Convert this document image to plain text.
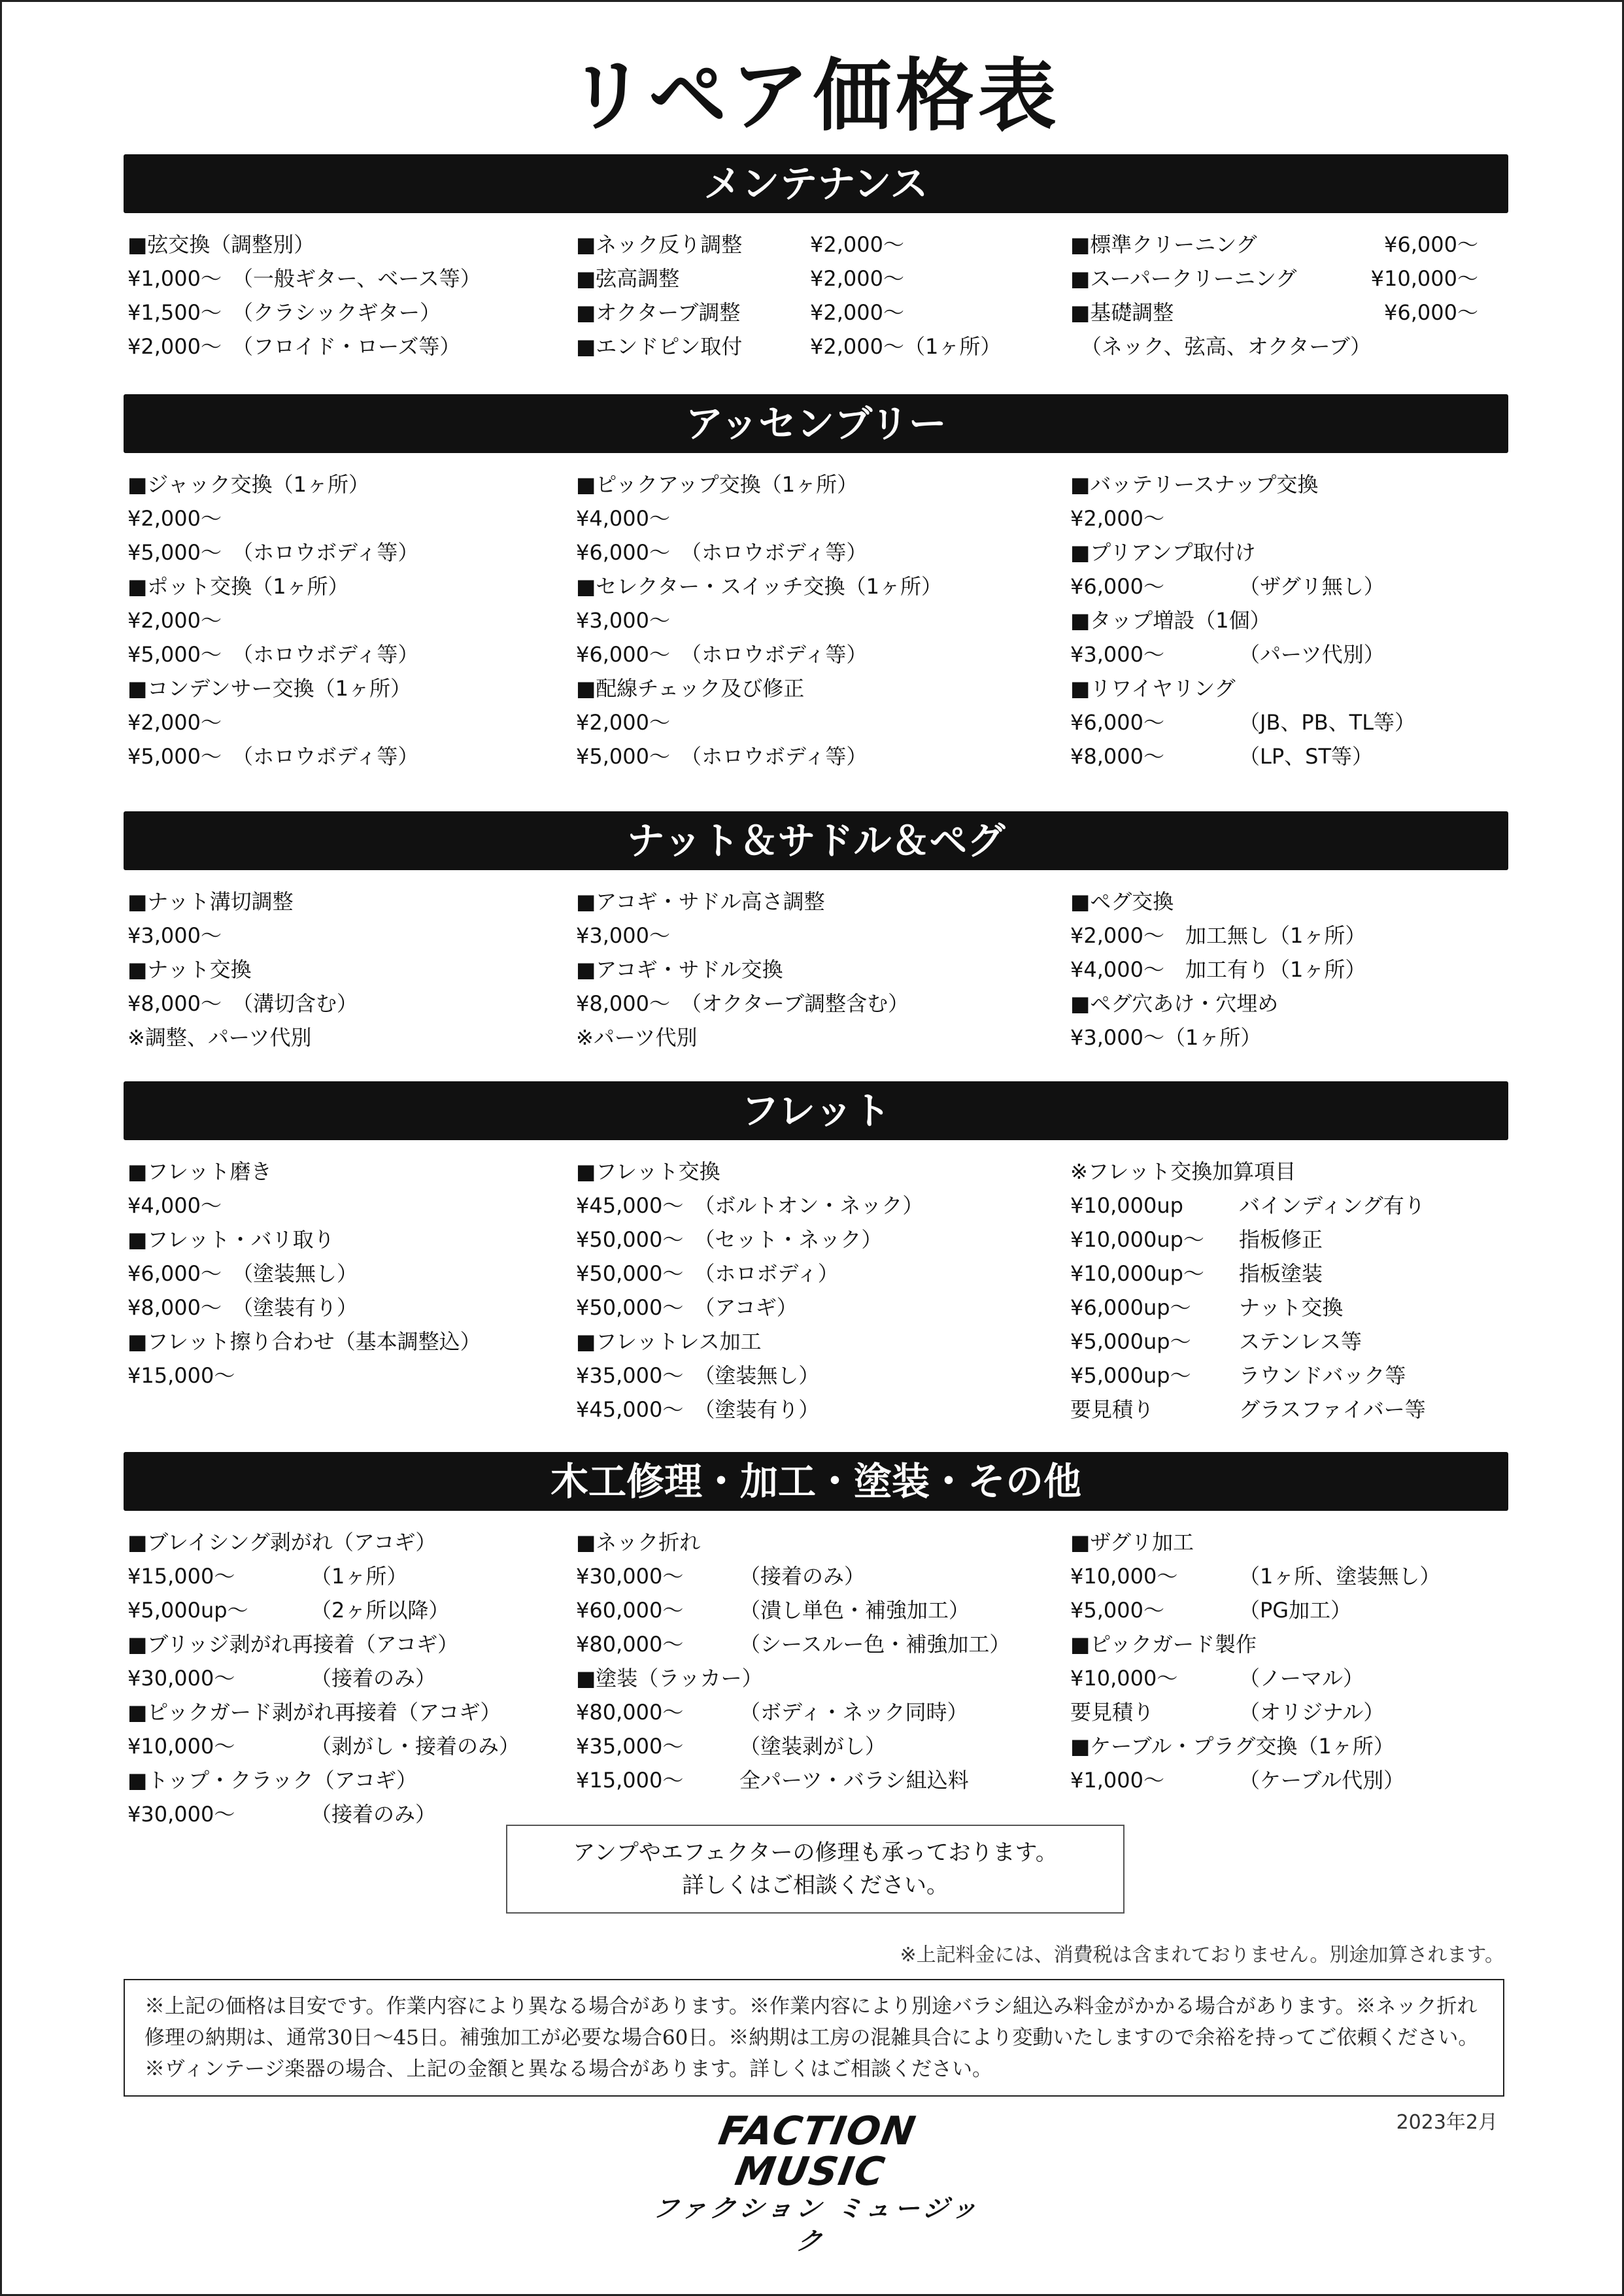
リペア価格表
メンテナンス
■弦交換（調整別）
¥1,000〜　（一般ギター、ベース等）
¥1,500〜　（クラシックギター）
¥2,000〜　（フロイド・ローズ等）
■ネック反り調整	¥2,000〜
■弦高調整	¥2,000〜
■オクターブ調整	¥2,000〜
■エンドピン取付	¥2,000〜（1ヶ所）
■標準クリーニング	¥6,000〜
■スーパークリーニング	¥10,000〜
■基礎調整	¥6,000〜
　（ネック、弦高、オクターブ）
アッセンブリー
■ジャック交換（1ヶ所）
¥2,000〜
¥5,000〜　（ホロウボディ等）
■ポット交換（1ヶ所）
¥2,000〜
¥5,000〜　（ホロウボディ等）
■コンデンサー交換（1ヶ所）
¥2,000〜
¥5,000〜　（ホロウボディ等）
■ピックアップ交換（1ヶ所）
¥4,000〜
¥6,000〜　（ホロウボディ等）
■セレクター・スイッチ交換（1ヶ所）
¥3,000〜
¥6,000〜　（ホロウボディ等）
■配線チェック及び修正
¥2,000〜
¥5,000〜　（ホロウボディ等）
■バッテリースナップ交換
¥2,000〜
■プリアンプ取付け
¥6,000〜	（ザグリ無し）
■タップ増設（1個）
¥3,000〜	（パーツ代別）
■リワイヤリング
¥6,000〜	（JB、PB、TL等）
¥8,000〜	（LP、ST等）
ナット＆サドル＆ペグ
■ナット溝切調整
¥3,000〜
■ナット交換
¥8,000〜　（溝切含む）
※調整、パーツ代別
■アコギ・サドル高さ調整
¥3,000〜
■アコギ・サドル交換
¥8,000〜　（オクターブ調整含む）
※パーツ代別
■ペグ交換
¥2,000〜　加工無し（1ヶ所）
¥4,000〜　加工有り（1ヶ所）
■ペグ穴あけ・穴埋め
¥3,000〜（1ヶ所）
フレット
■フレット磨き
¥4,000〜
■フレット・バリ取り
¥6,000〜　（塗装無し）
¥8,000〜　（塗装有り）
■フレット擦り合わせ（基本調整込）
¥15,000〜
■フレット交換
¥45,000〜　（ボルトオン・ネック）
¥50,000〜　（セット・ネック）
¥50,000〜　（ホロボディ）
¥50,000〜　（アコギ）
■フレットレス加工
¥35,000〜　（塗装無し）
¥45,000〜　（塗装有り）
※フレット交換加算項目
¥10,000up	バインディング有り
¥10,000up〜 指板修正
¥10,000up〜 指板塗装
¥6,000up〜 ナット交換
¥5,000up〜 ステンレス等
¥5,000up〜 ラウンドバック等
要見積り	グラスファイバー等
木工修理・加工・塗装・その他
■ブレイシング剥がれ（アコギ）
¥15,000〜	（1ヶ所）
¥5,000up〜	（2ヶ所以降）
■ブリッジ剥がれ再接着（アコギ）
¥30,000〜	（接着のみ）
■ピックガード剥がれ再接着（アコギ）
¥10,000〜	（剥がし・接着のみ）
■トップ・クラック（アコギ）
¥30,000〜	（接着のみ）
■ネック折れ
¥30,000〜	（接着のみ）
¥60,000〜	（潰し単色・補強加工）
¥80,000〜	（シースルー色・補強加工）
■塗装（ラッカー）
¥80,000〜	（ボディ・ネック同時）
¥35,000〜	（塗装剥がし）
¥15,000〜	全パーツ・バラシ組込料
■ザグリ加工
¥10,000〜	（1ヶ所、塗装無し）
¥5,000〜	（PG加工）
■ピックガード製作
¥10,000〜	（ノーマル）
要見積り	（オリジナル）
■ケーブル・プラグ交換（1ヶ所）
¥1,000〜	（ケーブル代別）
アンプやエフェクターの修理も承っております。
詳しくはご相談ください。
※上記料金には、消費税は含まれておりません。別途加算されます。
※上記の価格は目安です。作業内容により異なる場合があります。※作業内容により別途バラシ組込み料金がかかる場合があります。※ネック折れ修理の納期は、通常30日〜45日。補強加工が必要な場合60日。※納期は工房の混雑具合により変動いたしますので余裕を持ってご依頼ください。※ヴィンテージ楽器の場合、上記の金額と異なる場合があります。詳しくはご相談ください。
2023年2月
FACTION MUSIC
ファクション ミュージック
